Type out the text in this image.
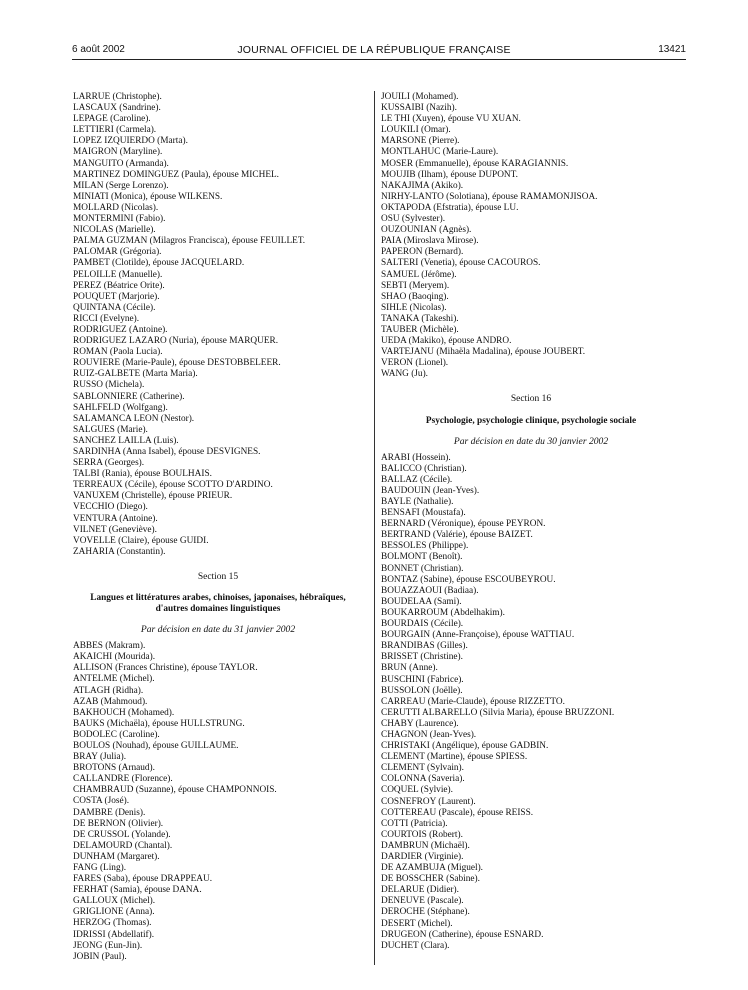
6 août 2002	JOURNAL OFFICIEL DE LA RÉPUBLIQUE FRANÇAISE	13421
LARRUE (Christophe).
LASCAUX (Sandrine).
LEPAGE (Caroline).
LETTIERI (Carmela).
LOPEZ IZQUIERDO (Marta).
MAIGRON (Maryline).
MANGUITO (Armanda).
MARTINEZ DOMINGUEZ (Paula), épouse MICHEL.
MILAN (Serge Lorenzo).
MINIATI (Monica), épouse WILKENS.
MOLLARD (Nicolas).
MONTERMINI (Fabio).
NICOLAS (Marielle).
PALMA GUZMAN (Milagros Francisca), épouse FEUILLET.
PALOMAR (Grégoria).
PAMBET (Clotilde), épouse JACQUELARD.
PELOILLE (Manuelle).
PEREZ (Béatrice Orite).
POUQUET (Marjorie).
QUINTANA (Cécile).
RICCI (Evelyne).
RODRIGUEZ (Antoine).
RODRIGUEZ LAZARO (Nuria), épouse MARQUER.
ROMAN (Paola Lucia).
ROUVIERE (Marie-Paule), épouse DESTOBBELEER.
RUIZ-GALBETE (Marta Maria).
RUSSO (Michela).
SABLONNIERE (Catherine).
SAHLFELD (Wolfgang).
SALAMANCA LEON (Nestor).
SALGUES (Marie).
SANCHEZ LAILLA (Luis).
SARDINHA (Anna Isabel), épouse DESVIGNES.
SERRA (Georges).
TALBI (Rania), épouse BOULHAIS.
TERREAUX (Cécile), épouse SCOTTO D'ARDINO.
VANUXEM (Christelle), épouse PRIEUR.
VECCHIO (Diego).
VENTURA (Antoine).
VILNET (Geneviève).
VOVELLE (Claire), épouse GUIDI.
ZAHARIA (Constantin).
Section 15
Langues et littératures arabes, chinoises, japonaises, hébraïques, d'autres domaines linguistiques
Par décision en date du 31 janvier 2002
ABBES (Makram).
AKAICHI (Mourida).
ALLISON (Frances Christine), épouse TAYLOR.
ANTELME (Michel).
ATLAGH (Ridha).
AZAB (Mahmoud).
BAKHOUCH (Mohamed).
BAUKS (Michaëla), épouse HULLSTRUNG.
BODOLEC (Caroline).
BOULOS (Nouhad), épouse GUILLAUME.
BRAY (Julia).
BROTONS (Arnaud).
CALLANDRE (Florence).
CHAMBRAUD (Suzanne), épouse CHAMPONNOIS.
COSTA (José).
DAMBRE (Denis).
DE BERNON (Olivier).
DE CRUSSOL (Yolande).
DELAMOURD (Chantal).
DUNHAM (Margaret).
FANG (Ling).
FARES (Saba), épouse DRAPPEAU.
FERHAT (Samia), épouse DANA.
GALLOUX (Michel).
GRIGLIONE (Anna).
HERZOG (Thomas).
IDRISSI (Abdellatif).
JEONG (Eun-Jin).
JOBIN (Paul).
JOUILI (Mohamed).
KUSSAIBI (Nazih).
LE THI (Xuyen), épouse VU XUAN.
LOUKILI (Omar).
MARSONE (Pierre).
MONTLAHUC (Marie-Laure).
MOSER (Emmanuelle), épouse KARAGIANNIS.
MOUJIB (Ilham), épouse DUPONT.
NAKAJIMA (Akiko).
NIRHY-LANTO (Solotiana), épouse RAMAMONJISOA.
OKTAPODA (Efstratia), épouse LU.
OSU (Sylvester).
OUZOUNIAN (Agnès).
PAIA (Miroslava Mirose).
PAPERON (Bernard).
SALTERI (Venetia), épouse CACOUROS.
SAMUEL (Jérôme).
SEBTI (Meryem).
SHAO (Baoqing).
SIHLE (Nicolas).
TANAKA (Takeshi).
TAUBER (Michèle).
UEDA (Makiko), épouse ANDRO.
VARTEJANU (Mihaëla Madalina), épouse JOUBERT.
VERON (Lionel).
WANG (Ju).
Section 16
Psychologie, psychologie clinique, psychologie sociale
Par décision en date du 30 janvier 2002
ARABI (Hossein).
BALICCO (Christian).
BALLAZ (Cécile).
BAUDOUIN (Jean-Yves).
BAYLE (Nathalie).
BENSAFI (Moustafa).
BERNARD (Véronique), épouse PEYRON.
BERTRAND (Valérie), épouse BAIZET.
BESSOLES (Philippe).
BOLMONT (Benoît).
BONNET (Christian).
BONTAZ (Sabine), épouse ESCOUBEYROU.
BOUAZZAOUI (Badiaa).
BOUDELAA (Sami).
BOUKARROUM (Abdelhakim).
BOURDAIS (Cécile).
BOURGAIN (Anne-Françoise), épouse WATTIAU.
BRANDIBAS (Gilles).
BRISSET (Christine).
BRUN (Anne).
BUSCHINI (Fabrice).
BUSSOLON (Joëlle).
CARREAU (Marie-Claude), épouse RIZZETTO.
CERUTTI ALBARELLO (Silvia Maria), épouse BRUZZONI.
CHABY (Laurence).
CHAGNON (Jean-Yves).
CHRISTAKI (Angélique), épouse GADBIN.
CLEMENT (Martine), épouse SPIESS.
CLEMENT (Sylvain).
COLONNA (Saveria).
COQUEL (Sylvie).
COSNEFROY (Laurent).
COTTEREAU (Pascale), épouse REISS.
COTTI (Patricia).
COURTOIS (Robert).
DAMBRUN (Michaël).
DARDIER (Virginie).
DE AZAMBUJA (Miguel).
DE BOSSCHER (Sabine).
DELARUE (Didier).
DENEUVE (Pascale).
DEROCHE (Stéphane).
DESERT (Michel).
DRUGEON (Catherine), épouse ESNARD.
DUCHET (Clara).
